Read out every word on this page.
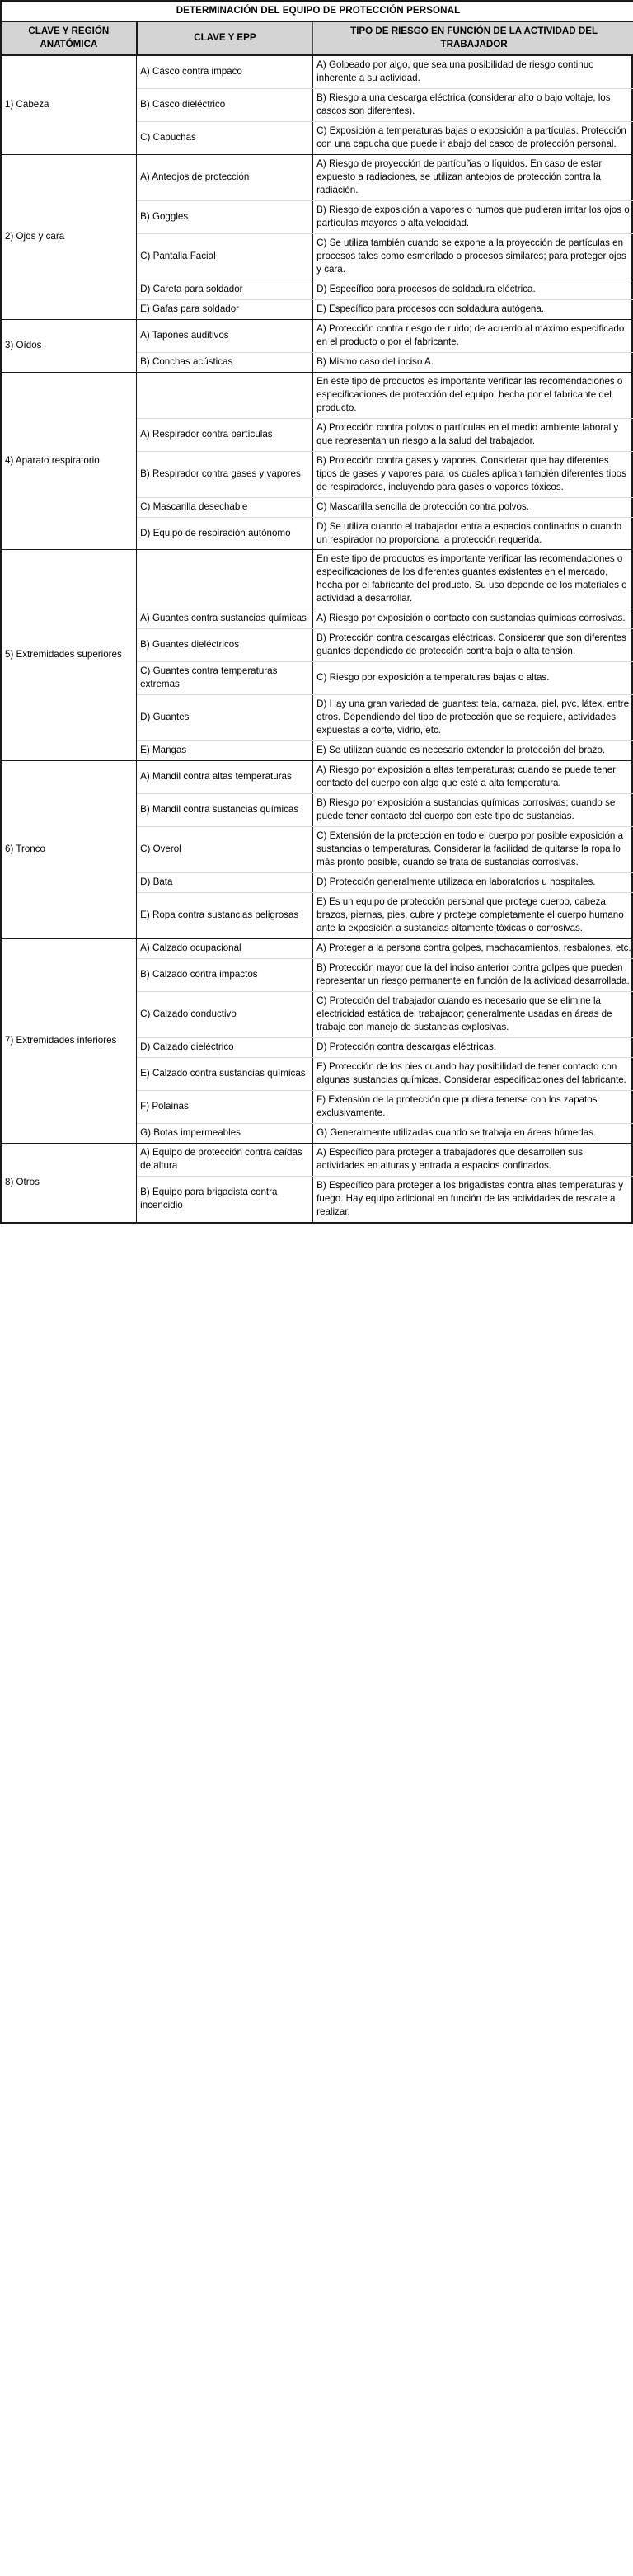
DETERMINACIÓN DEL EQUIPO DE PROTECCIÓN PERSONAL		
CLAVE Y REGIÓN ANATÓMICA	CLAVE Y EPP	TIPO DE RIESGO EN FUNCIÓN DE LA ACTIVIDAD DEL TRABAJADOR
1) Cabeza	A) Casco contra impaco	A) Golpeado por algo, que sea una posibilidad de riesgo continuo inherente a su actividad.
	B) Casco dieléctrico	B) Riesgo a una descarga eléctrica (considerar alto o bajo voltaje, los cascos son diferentes).
	C) Capuchas	C) Exposición a temperaturas bajas o exposición a partículas. Protección con una capucha que puede ir abajo del casco de protección personal.
2) Ojos y cara	A) Anteojos de protección	A) Riesgo de proyección de partícuñas o líquidos. En caso de estar expuesto a radiaciones, se utilizan anteojos de protección contra la radiación.
	B) Goggles	B) Riesgo de exposición a vapores o humos que pudieran irritar los ojos o partículas mayores o alta velocidad.
	C) Pantalla Facial	C) Se utiliza también cuando se expone a la proyección de partículas en procesos tales como esmerilado o procesos similares; para proteger ojos y cara.
	D) Careta para soldador	D) Específico para procesos de soldadura eléctrica.
	E) Gafas para soldador	E) Específico para procesos con soldadura autógena.
3) Oídos	A) Tapones auditivos	A) Protección contra riesgo de ruido; de acuerdo al máximo especificado en el producto o por el fabricante.
	B) Conchas acústicas	B) Mismo caso del inciso A.
4) Aparato respiratorio		En este tipo de productos es importante verificar las recomendaciones o especificaciones de protección del equipo, hecha por el fabricante del producto.
	A) Respirador contra partículas	A) Protección contra polvos o partículas en el medio ambiente laboral y que representan un riesgo a la salud del trabajador.
	B) Respirador contra gases y vapores	B) Protección contra gases y vapores. Considerar que hay diferentes tipos de gases y vapores para los cuales aplican también diferentes tipos de respiradores, incluyendo para gases o vapores tóxicos.
	C) Mascarilla desechable	C) Mascarilla sencilla de protección contra polvos.
	D) Equipo de respiración autónomo	D) Se utiliza cuando el trabajador entra a espacios confinados o cuando un respirador no proporciona la protección requerida.
5) Extremidades superiores		En este tipo de productos es importante verificar las recomendaciones o especificaciones de los diferentes guantes existentes en el mercado, hecha por el fabricante del producto. Su uso depende de los materiales o actividad a desarrollar.
	A) Guantes contra sustancias químicas	A) Riesgo por exposición o contacto con sustancias químicas corrosivas.
	B) Guantes dieléctricos	B) Protección contra descargas eléctricas. Considerar que son diferentes guantes dependiedo de protección contra baja o alta tensión.
	C) Guantes contra temperaturas extremas	C) Riesgo por exposición a temperaturas bajas o altas.
	D) Guantes	D) Hay una gran variedad de guantes: tela, carnaza, piel, pvc, látex, entre otros. Dependiendo del tipo de protección que se requiere, actividades expuestas a corte, vidrio, etc.
	E) Mangas	E) Se utilizan cuando es necesario extender la protección del brazo.
6) Tronco	A) Mandil contra altas temperaturas	A) Riesgo por exposición a altas temperaturas; cuando se puede tener contacto del cuerpo con algo que esté a alta temperatura.
	B) Mandil contra sustancias químicas	B) Riesgo por exposición a sustancias químicas corrosivas; cuando se puede tener contacto del cuerpo con este tipo de sustancias.
	C) Overol	C) Extensión de la protección en todo el cuerpo por posible exposición a sustancias o temperaturas. Considerar la facilidad de quitarse la ropa lo más pronto posible, cuando se trata de sustancias corrosivas.
	D) Bata	D) Protección generalmente utilizada en laboratorios u hospitales.
	E) Ropa contra sustancias peligrosas	E) Es un equipo de protección personal que protege cuerpo, cabeza, brazos, piernas, pies, cubre y protege completamente el cuerpo humano ante la exposición a sustancias altamente tóxicas o corrosivas.
7) Extremidades inferiores	A) Calzado ocupacional	A) Proteger a la persona contra golpes, machacamientos, resbalones, etc.
	B) Calzado contra impactos	B) Protección mayor que la del inciso anterior contra golpes que pueden representar un riesgo permanente en función de la actividad desarrollada.
	C) Calzado conductivo	C) Protección del trabajador cuando es necesario que se elimine la electricidad estática del trabajador; generalmente usadas en áreas de trabajo con manejo de sustancias explosivas.
	D) Calzado dieléctrico	D) Protección contra descargas eléctricas.
	E) Calzado contra sustancias químicas	E) Protección de los pies cuando hay posibilidad de tener contacto con algunas sustancias químicas. Considerar especificaciones del fabricante.
	F) Polainas	F) Extensión de la protección que pudiera tenerse con los zapatos exclusivamente.
	G) Botas impermeables	G) Generalmente utilizadas cuando se trabaja en áreas húmedas.
8) Otros	A) Equipo de protección contra caídas de altura	A) Específico para proteger a trabajadores que desarrollen sus actividades en alturas y entrada a espacios confinados.
	B) Equipo para brigadista contra incencidio	B) Específico para proteger a los brigadistas contra altas temperaturas y fuego. Hay equipo adicional en función de las actividades de rescate a realizar.
